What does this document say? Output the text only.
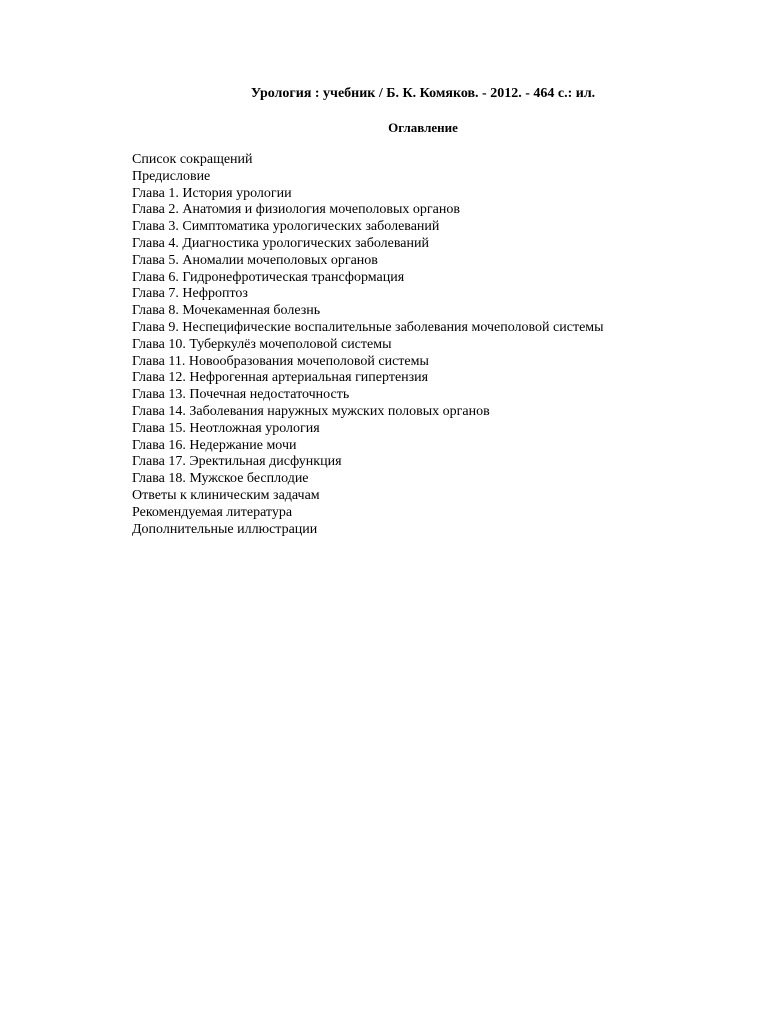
Урология : учебник / Б. К. Комяков. - 2012. - 464 с.: ил.
Оглавление
Список сокращений
Предисловие
Глава 1. История урологии
Глава 2. Анатомия и физиология мочеполовых органов
Глава 3. Симптоматика урологических заболеваний
Глава 4. Диагностика урологических заболеваний
Глава 5. Аномалии мочеполовых органов
Глава 6. Гидронефротическая трансформация
Глава 7. Нефроптоз
Глава 8. Мочекаменная болезнь
Глава 9. Неспецифические воспалительные заболевания мочеполовой системы
Глава 10. Туберкулёз мочеполовой системы
Глава 11. Новообразования мочеполовой системы
Глава 12. Нефрогенная артериальная гипертензия
Глава 13. Почечная недостаточность
Глава 14. Заболевания наружных мужских половых органов
Глава 15. Неотложная урология
Глава 16. Недержание мочи
Глава 17. Эректильная дисфункция
Глава 18. Мужское бесплодие
Ответы к клиническим задачам
Рекомендуемая литература
Дополнительные иллюстрации
